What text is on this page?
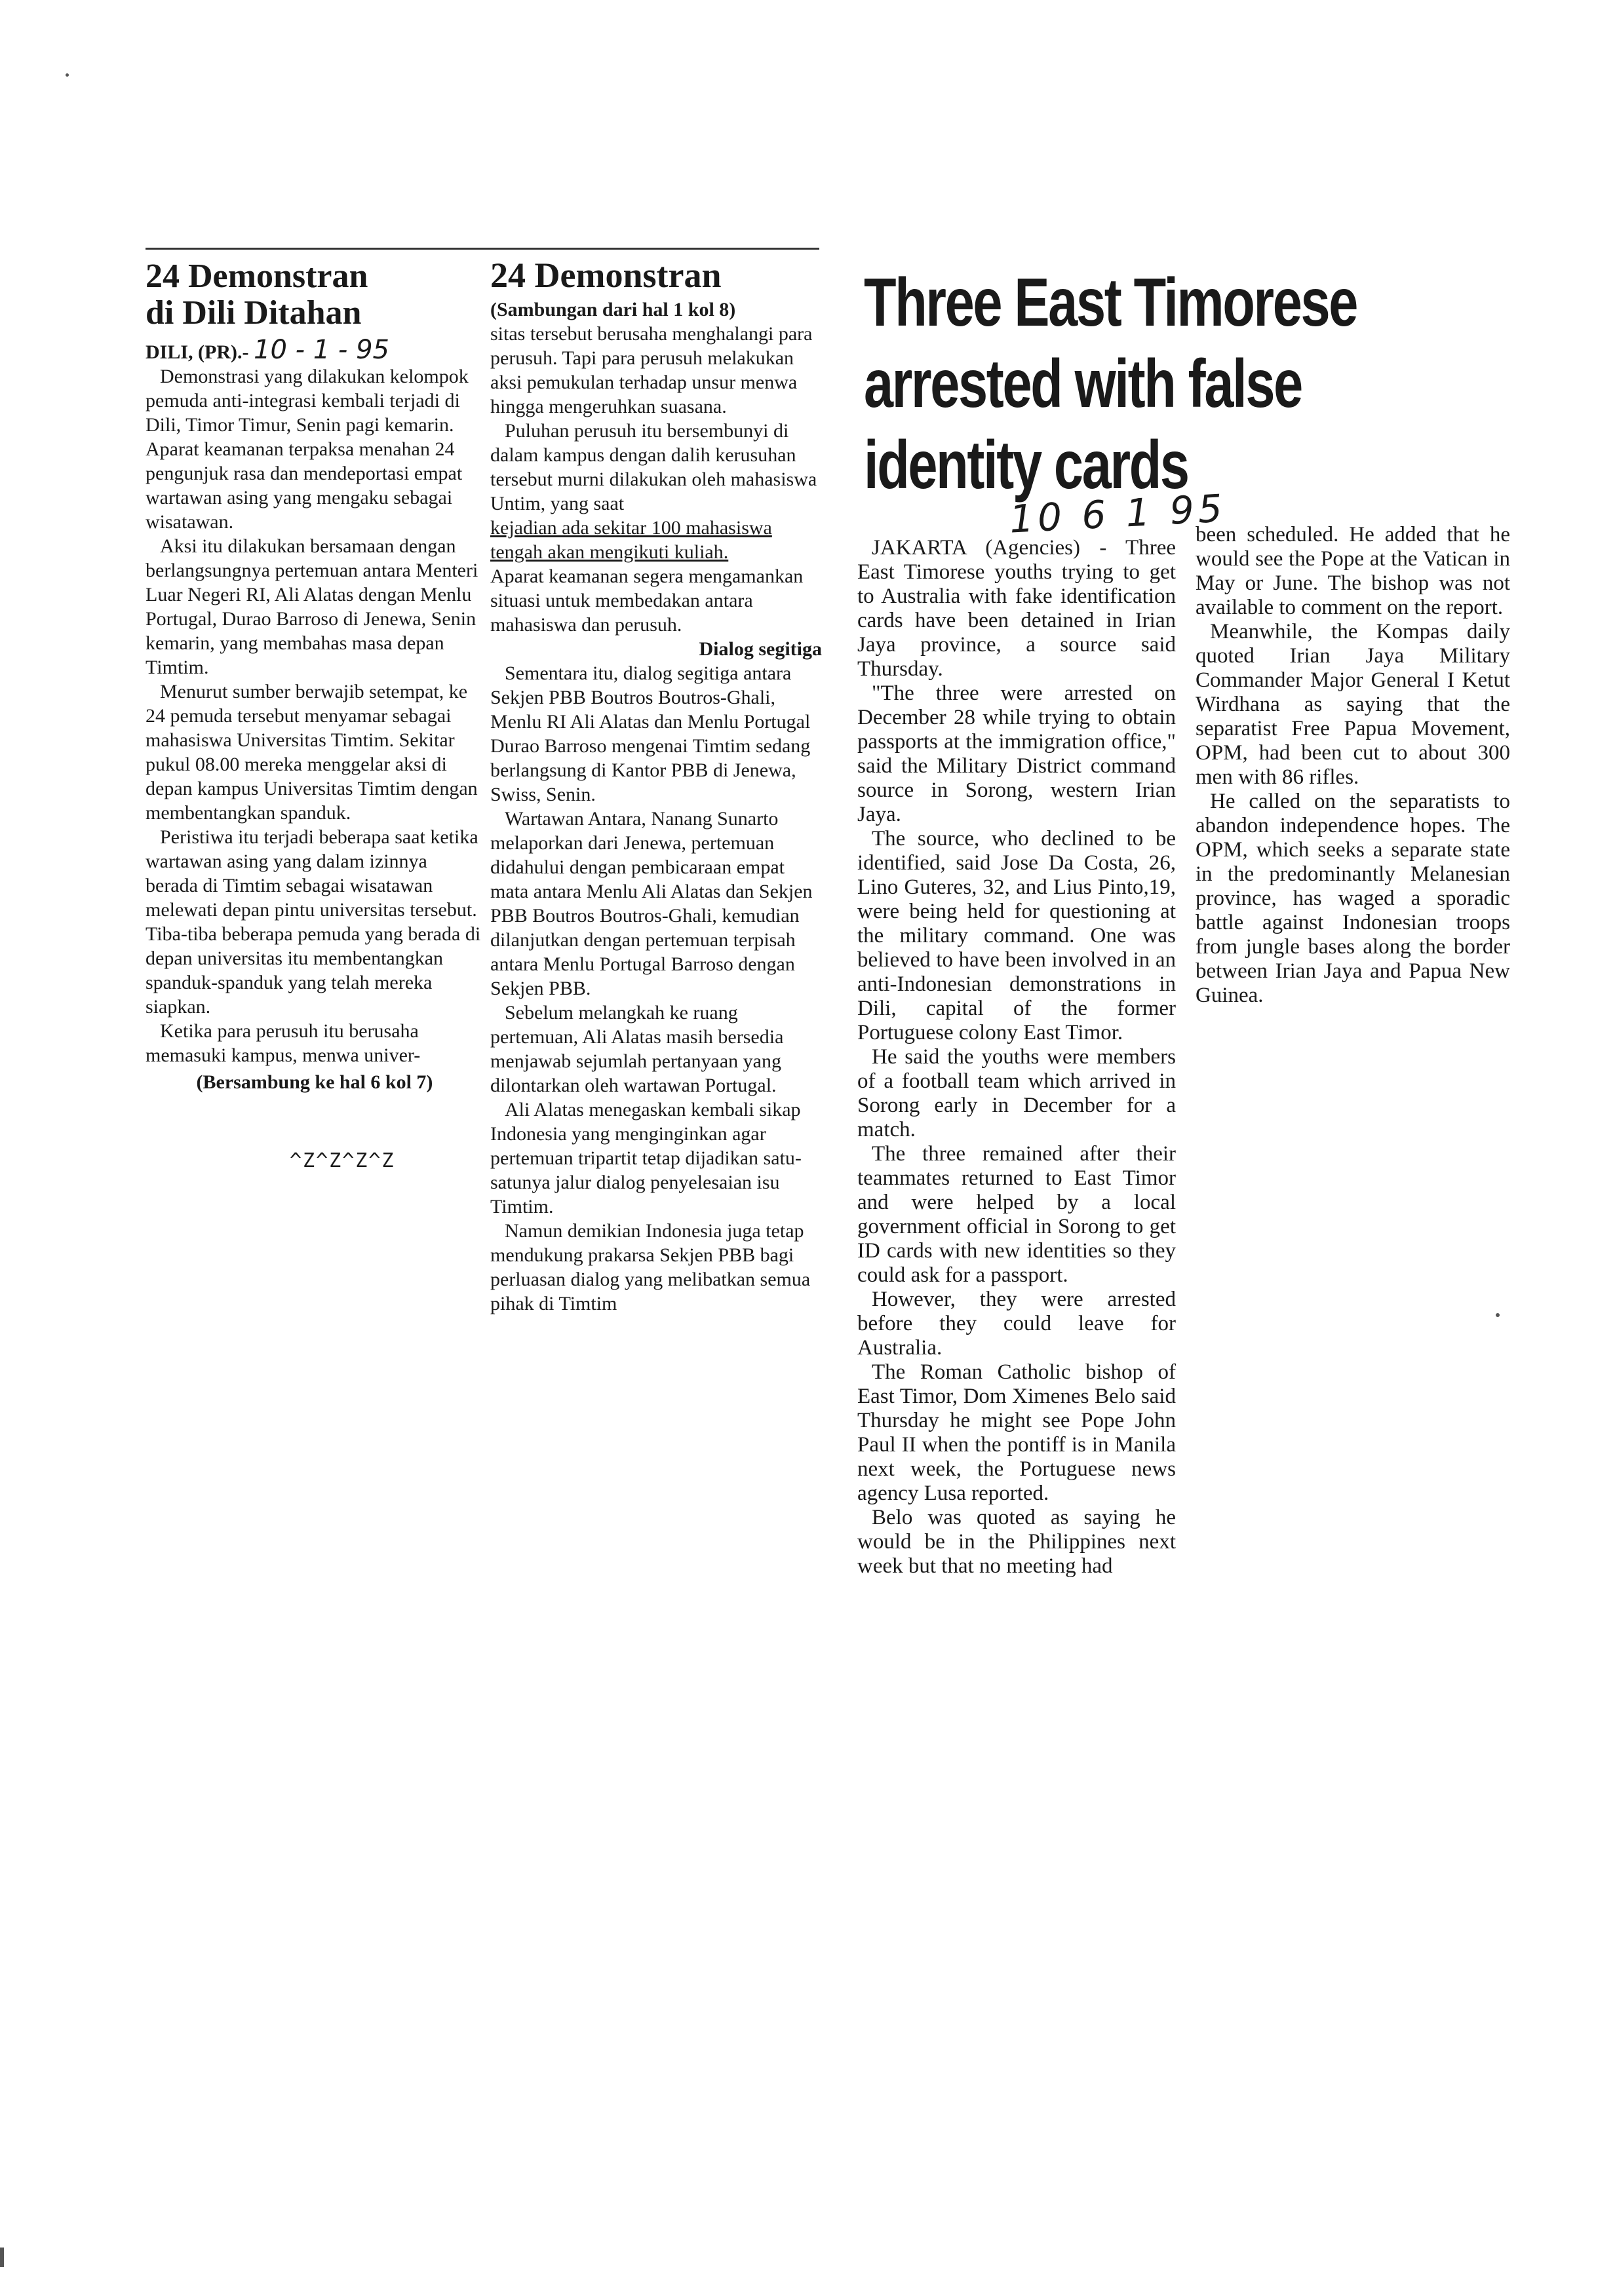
24 Demonstran
di Dili Ditahan
DILI, (PR).- 10 - 1 - 95

Demonstrasi yang dilakukan kelompok pemuda anti-integrasi kembali terjadi di Dili, Timor Timur, Senin pagi kemarin. Aparat keamanan terpaksa menahan 24 pengunjuk rasa dan mendeportasi empat wartawan asing yang mengaku sebagai wisatawan.

Aksi itu dilakukan bersamaan dengan berlangsungnya pertemuan antara Menteri Luar Negeri RI, Ali Alatas dengan Menlu Portugal, Durao Barroso di Jenewa, Senin kemarin, yang membahas masa depan Timtim.

Menurut sumber berwajib setempat, ke 24 pemuda tersebut menyamar sebagai mahasiswa Universitas Timtim. Sekitar pukul 08.00 mereka menggelar aksi di depan kampus Universitas Timtim dengan membentangkan spanduk.

Peristiwa itu terjadi beberapa saat ketika wartawan asing yang dalam izinnya berada di Timtim sebagai wisatawan melewati depan pintu universitas tersebut. Tiba-tiba beberapa pemuda yang berada di depan universitas itu membentangkan spanduk-spanduk yang telah mereka siapkan.

Ketika para perusuh itu berusaha memasuki kampus, menwa univer-

(Bersambung ke hal 6 kol 7)

^Z^Z^Z^Z
24 Demonstran
(Sambungan dari hal 1 kol 8)

sitas tersebut berusaha menghalangi para perusuh. Tapi para perusuh melakukan aksi pemukulan terhadap unsur menwa hingga mengeruhkan suasana.

Puluhan perusuh itu bersembunyi di dalam kampus dengan dalih kerusuhan tersebut murni dilakukan oleh mahasiswa Untim, yang saat

kejadian ada sekitar 100 mahasiswa tengah akan mengikuti kuliah.

Aparat keamanan segera mengamankan situasi untuk membedakan antara mahasiswa dan perusuh.

Dialog segitiga

Sementara itu, dialog segitiga antara Sekjen PBB Boutros Boutros-Ghali, Menlu RI Ali Alatas dan Menlu Portugal Durao Barroso mengenai Timtim sedang berlangsung di Kantor PBB di Jenewa, Swiss, Senin.

Wartawan Antara, Nanang Sunarto melaporkan dari Jenewa, pertemuan didahului dengan pembicaraan empat mata antara Menlu Ali Alatas dan Sekjen PBB Boutros Boutros-Ghali, kemudian dilanjutkan dengan pertemuan terpisah antara Menlu Portugal Barroso dengan Sekjen PBB.

Sebelum melangkah ke ruang pertemuan, Ali Alatas masih bersedia menjawab sejumlah pertanyaan yang dilontarkan oleh wartawan Portugal.

Ali Alatas menegaskan kembali sikap Indonesia yang menginginkan agar pertemuan tripartit tetap dijadikan satu-satunya jalur dialog penyelesaian isu Timtim.

Namun demikian Indonesia juga tetap mendukung prakarsa Sekjen PBB bagi perluasan dialog yang melibatkan semua pihak di Timtim

Three East Timorese
arrested with false
identity cards
10 6 1 95

JAKARTA (Agencies) - Three East Timorese youths trying to get to Australia with fake identification cards have been detained in Irian Jaya province, a source said Thursday.

"The three were arrested on December 28 while trying to obtain passports at the immigration office," said the Military District command source in Sorong, western Irian Jaya.

The source, who declined to be identified, said Jose Da Costa, 26, Lino Guteres, 32, and Lius Pinto,19, were being held for questioning at the military command. One was believed to have been involved in an anti-Indonesian demonstrations in Dili, capital of the former Portuguese colony East Timor.

He said the youths were members of a football team which arrived in Sorong early in December for a match.

The three remained after their teammates returned to East Timor and were helped by a local government official in Sorong to get ID cards with new identities so they could ask for a passport.

However, they were arrested before they could leave for Australia.

The Roman Catholic bishop of East Timor, Dom Ximenes Belo said Thursday he might see Pope John Paul II when the pontiff is in Manila next week, the Portuguese news agency Lusa reported.

Belo was quoted as saying he would be in the Philippines next week but that no meeting had

been scheduled. He added that he would see the Pope at the Vatican in May or June. The bishop was not available to comment on the report.

Meanwhile, the Kompas daily quoted Irian Jaya Military Commander Major General I Ketut Wirdhana as saying that the separatist Free Papua Movement, OPM, had been cut to about 300 men with 86 rifles.

He called on the separatists to abandon independence hopes. The OPM, which seeks a separate state in the predominantly Melanesian province, has waged a sporadic battle against Indonesian troops from jungle bases along the border between Irian Jaya and Papua New Guinea.
